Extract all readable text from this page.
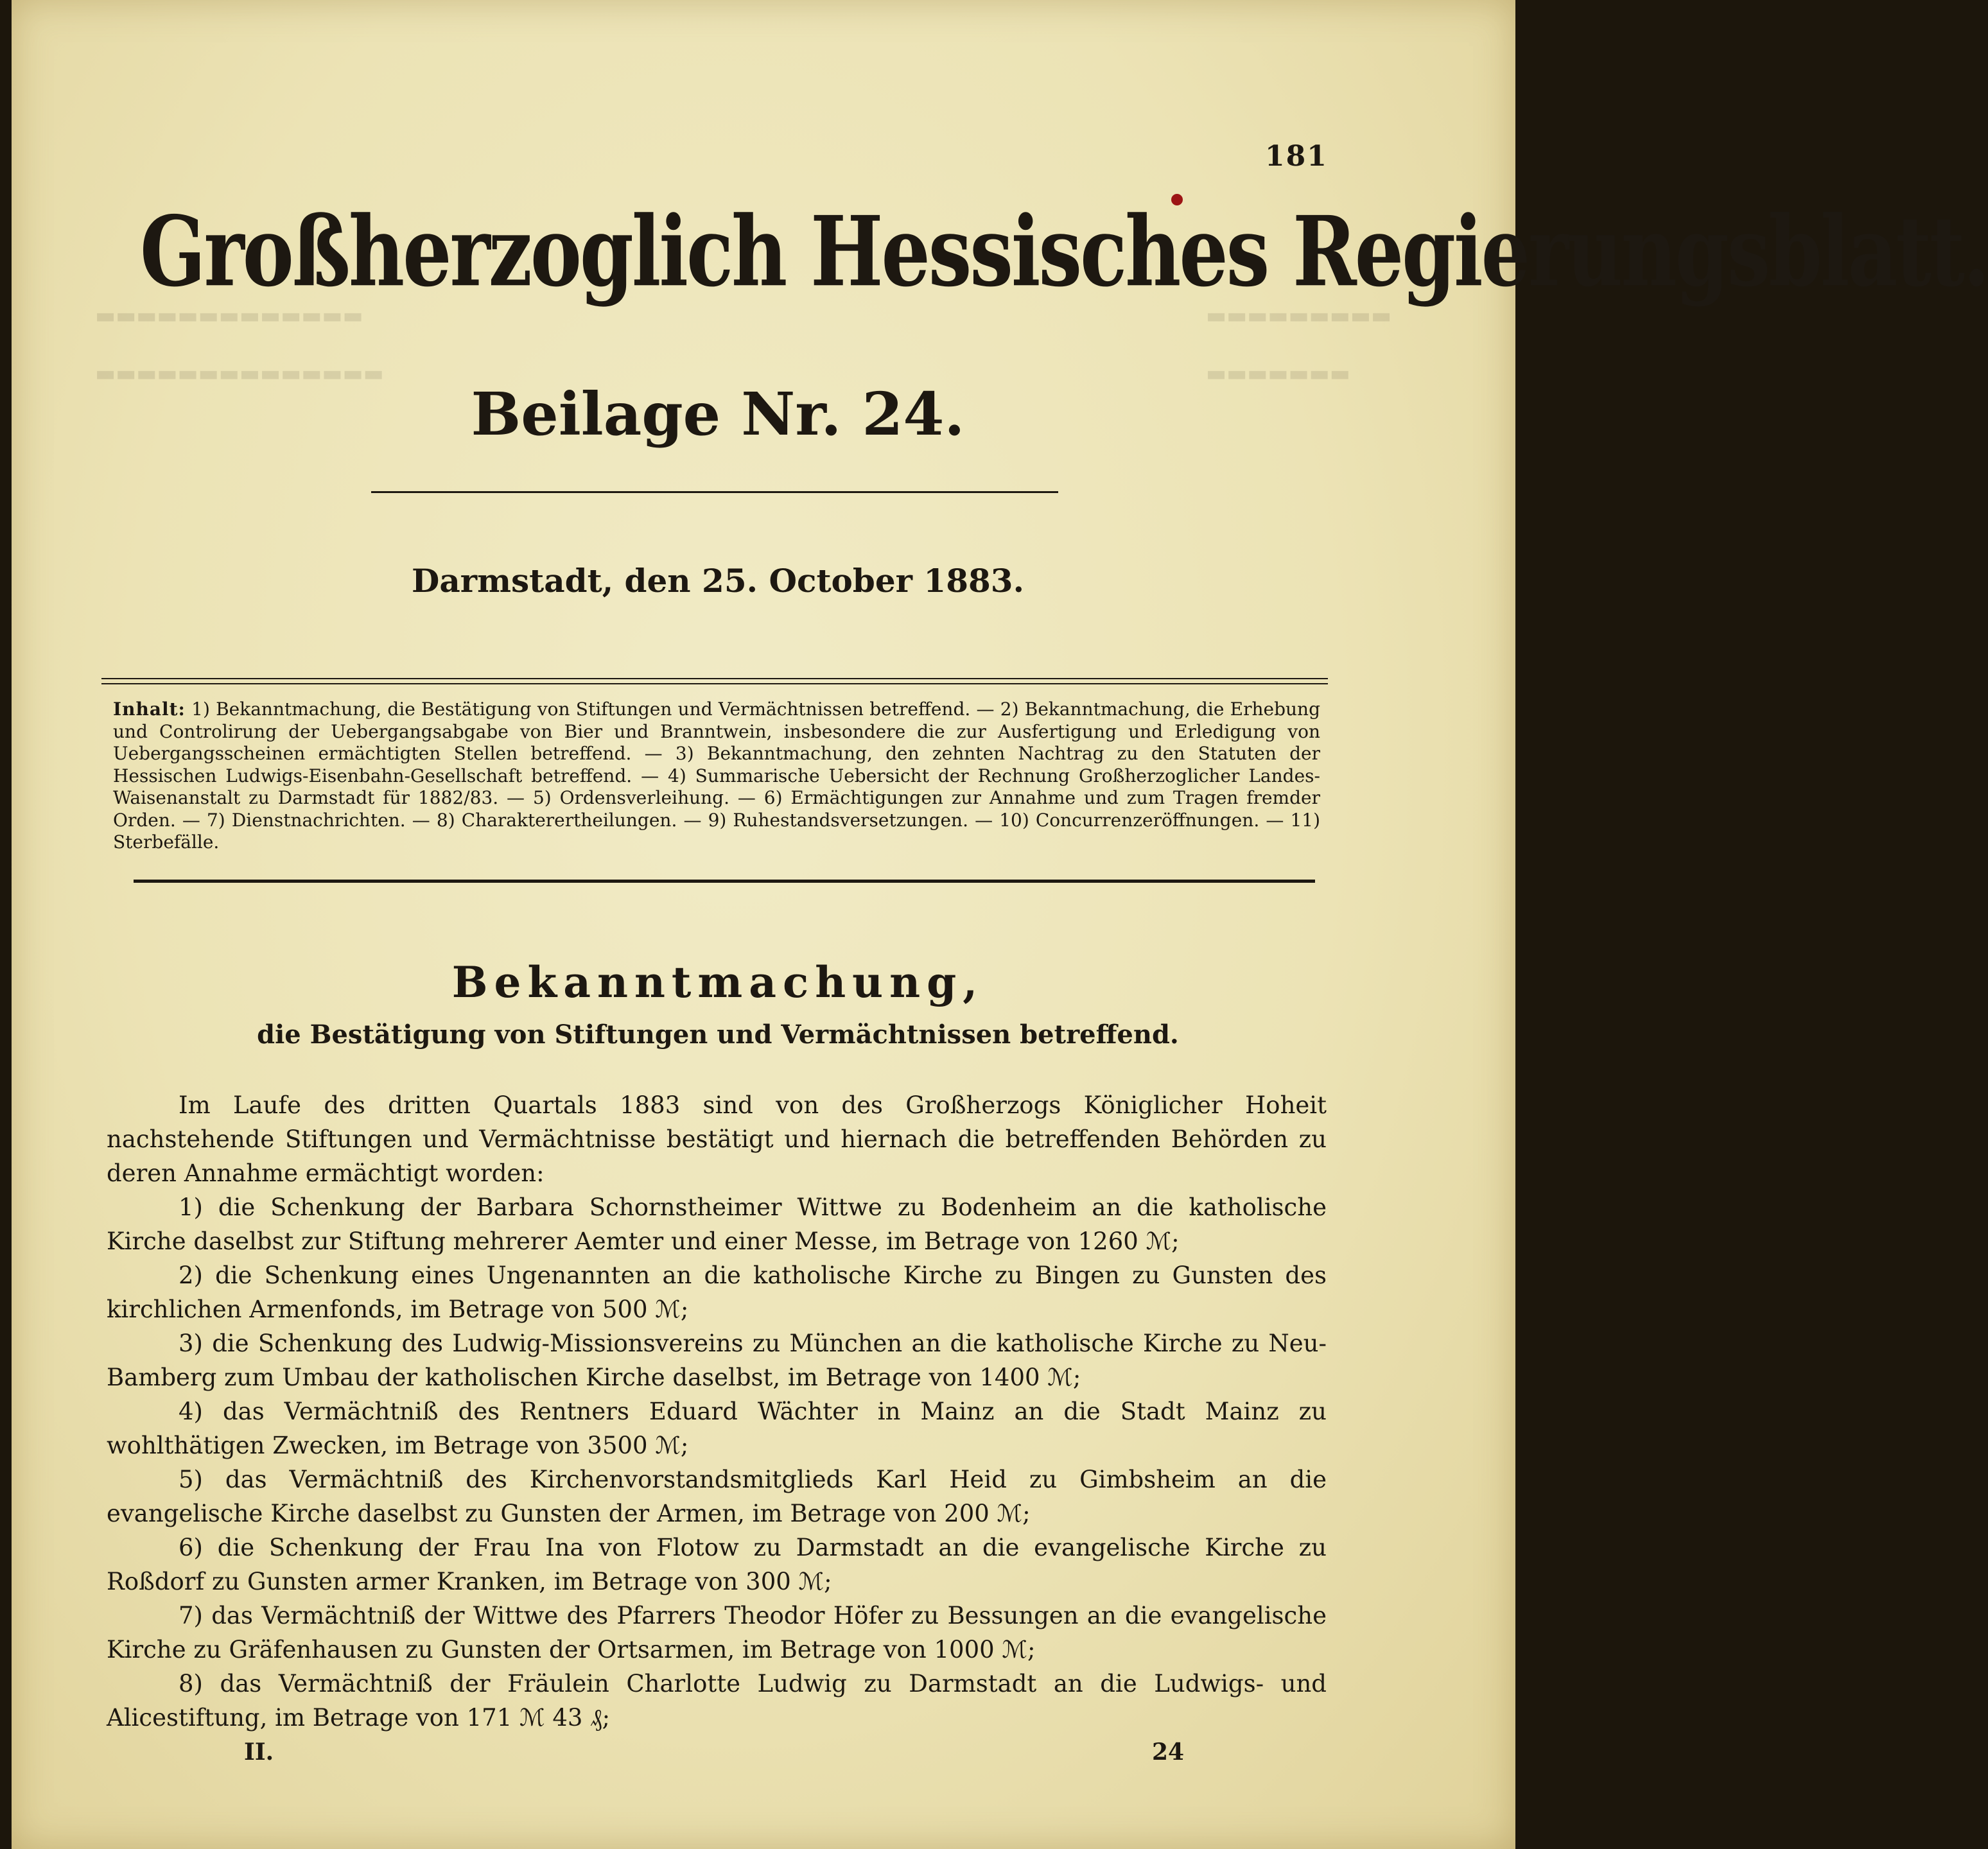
▬▬▬▬▬▬▬▬▬▬▬▬▬
▬▬▬▬▬▬▬▬▬▬▬▬▬▬
▬▬▬▬▬▬▬▬▬
▬▬▬▬▬▬▬
181
Großherzoglich Hessisches Regierungsblatt.
Beilage Nr. 24.
Darmstadt, den 25. October 1883.
Inhalt: 1) Bekanntmachung, die Bestätigung von Stiftungen und Vermächtnissen betreffend. — 2) Bekanntmachung, die Erhebung und Controlirung der Uebergangsabgabe von Bier und Branntwein, insbesondere die zur Ausfertigung und Erledigung von Uebergangsscheinen ermächtigten Stellen betreffend. — 3) Bekanntmachung, den zehnten Nachtrag zu den Statuten der Hessischen Ludwigs-Eisenbahn-Gesellschaft betreffend. — 4) Summarische Uebersicht der Rechnung Großherzoglicher Landes-Waisenanstalt zu Darmstadt für 1882/83. — 5) Ordensverleihung. — 6) Ermächtigungen zur Annahme und zum Tragen fremder Orden. — 7) Dienstnachrichten. — 8) Charakterertheilungen. — 9) Ruhestandsversetzungen. — 10) Concurrenzeröffnungen. — 11) Sterbefälle.
Bekanntmachung,
die Bestätigung von Stiftungen und Vermächtnissen betreffend.

Im Laufe des dritten Quartals 1883 sind von des Großherzogs Königlicher Hoheit nachstehende Stiftungen und Vermächtnisse bestätigt und hiernach die betreffenden Behörden zu deren Annahme ermächtigt worden:

1) die Schenkung der Barbara Schornstheimer Wittwe zu Bodenheim an die katholische Kirche daselbst zur Stiftung mehrerer Aemter und einer Messe, im Betrage von 1260 ℳ;

2) die Schenkung eines Ungenannten an die katholische Kirche zu Bingen zu Gunsten des kirchlichen Armenfonds, im Betrage von 500 ℳ;

3) die Schenkung des Ludwig-Missionsvereins zu München an die katholische Kirche zu Neu-Bamberg zum Umbau der katholischen Kirche daselbst, im Betrage von 1400 ℳ;

4) das Vermächtniß des Rentners Eduard Wächter in Mainz an die Stadt Mainz zu wohlthätigen Zwecken, im Betrage von 3500 ℳ;

5) das Vermächtniß des Kirchenvorstandsmitglieds Karl Heid zu Gimbsheim an die evangelische Kirche daselbst zu Gunsten der Armen, im Betrage von 200 ℳ;

6) die Schenkung der Frau Ina von Flotow zu Darmstadt an die evangelische Kirche zu Roßdorf zu Gunsten armer Kranken, im Betrage von 300 ℳ;

7) das Vermächtniß der Wittwe des Pfarrers Theodor Höfer zu Bessungen an die evangelische Kirche zu Gräfenhausen zu Gunsten der Ortsarmen, im Betrage von 1000 ℳ;

8) das Vermächtniß der Fräulein Charlotte Ludwig zu Darmstadt an die Ludwigs- und Alicestiftung, im Betrage von 171 ℳ 43 ₰;

II.	24
